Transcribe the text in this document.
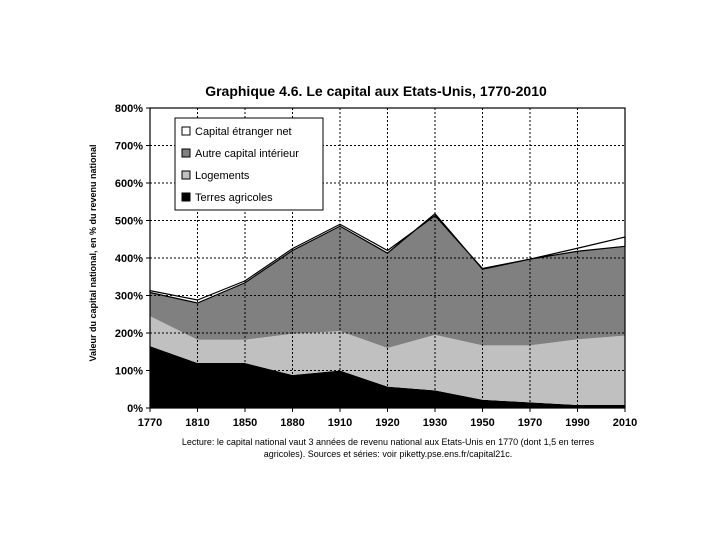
Graphique 4.6. Le capital aux Etats-Unis, 1770-2010
0%
100%
200%
300%
400%
500%
600%
700%
800%
1770 1810 1850 1880 1910 1920 1930 1950 1970 1990 2010
Valeur du capital national, en % du revenu national
Capital étranger net
Autre capital intérieur
Logements
Terres agricoles
Lecture: le capital national vaut 3 années de revenu national aux Etats-Unis en 1770 (dont 1,5 en terres
agricoles). Sources et séries: voir piketty.pse.ens.fr/capital21c.
